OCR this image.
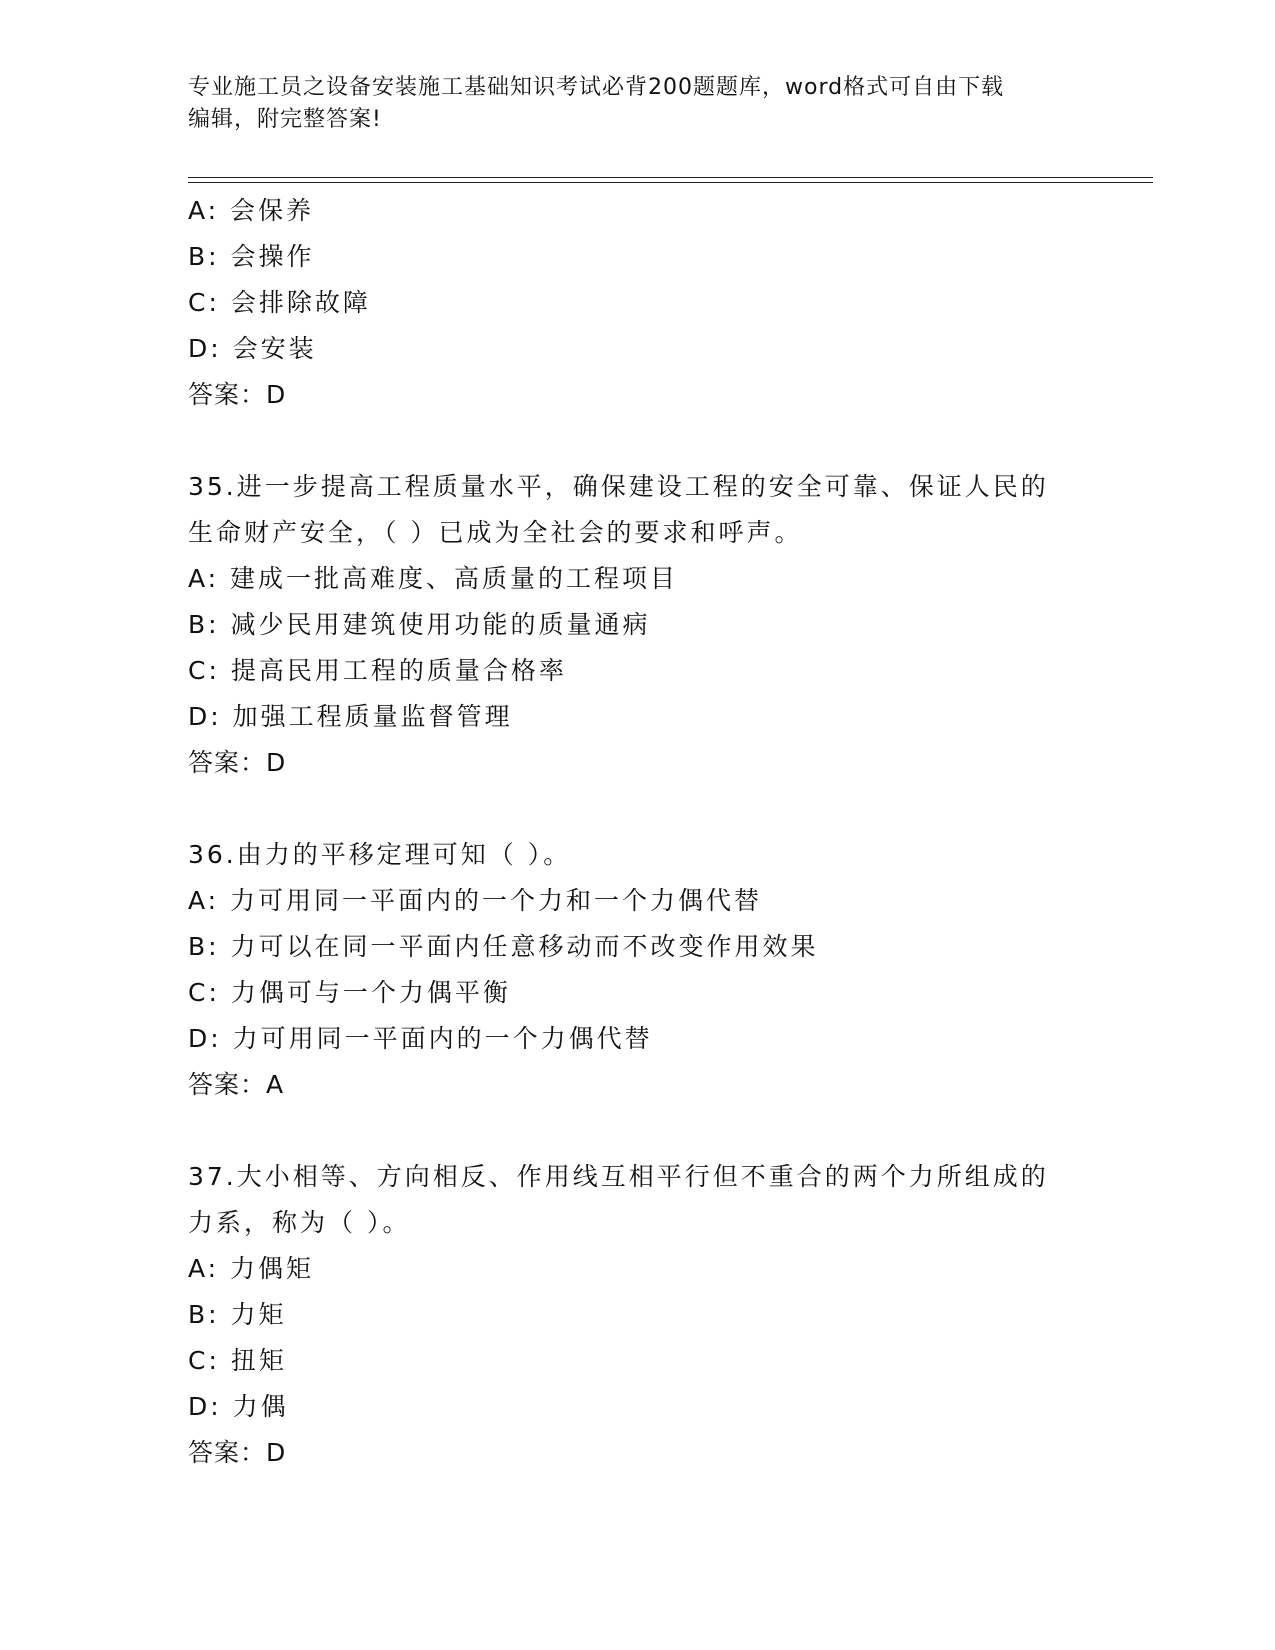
专业施工员之设备安装施工基础知识考试必背200题题库，word格式可自由下载
编辑，附完整答案!
A: 会保养
B: 会操作
C: 会排除故障
D: 会安装
答案：D
35.进一步提高工程质量水平，确保建设工程的安全可靠、保证人民的
生命财产安全，（ ）已成为全社会的要求和呼声。
A: 建成一批高难度、高质量的工程项目
B: 减少民用建筑使用功能的质量通病
C: 提高民用工程的质量合格率
D: 加强工程质量监督管理
答案：D
36.由力的平移定理可知（ ）。
A: 力可用同一平面内的一个力和一个力偶代替
B: 力可以在同一平面内任意移动而不改变作用效果
C: 力偶可与一个力偶平衡
D: 力可用同一平面内的一个力偶代替
答案：A
37.大小相等、方向相反、作用线互相平行但不重合的两个力所组成的
力系，称为（ ）。
A: 力偶矩
B: 力矩
C: 扭矩
D: 力偶
答案：D
